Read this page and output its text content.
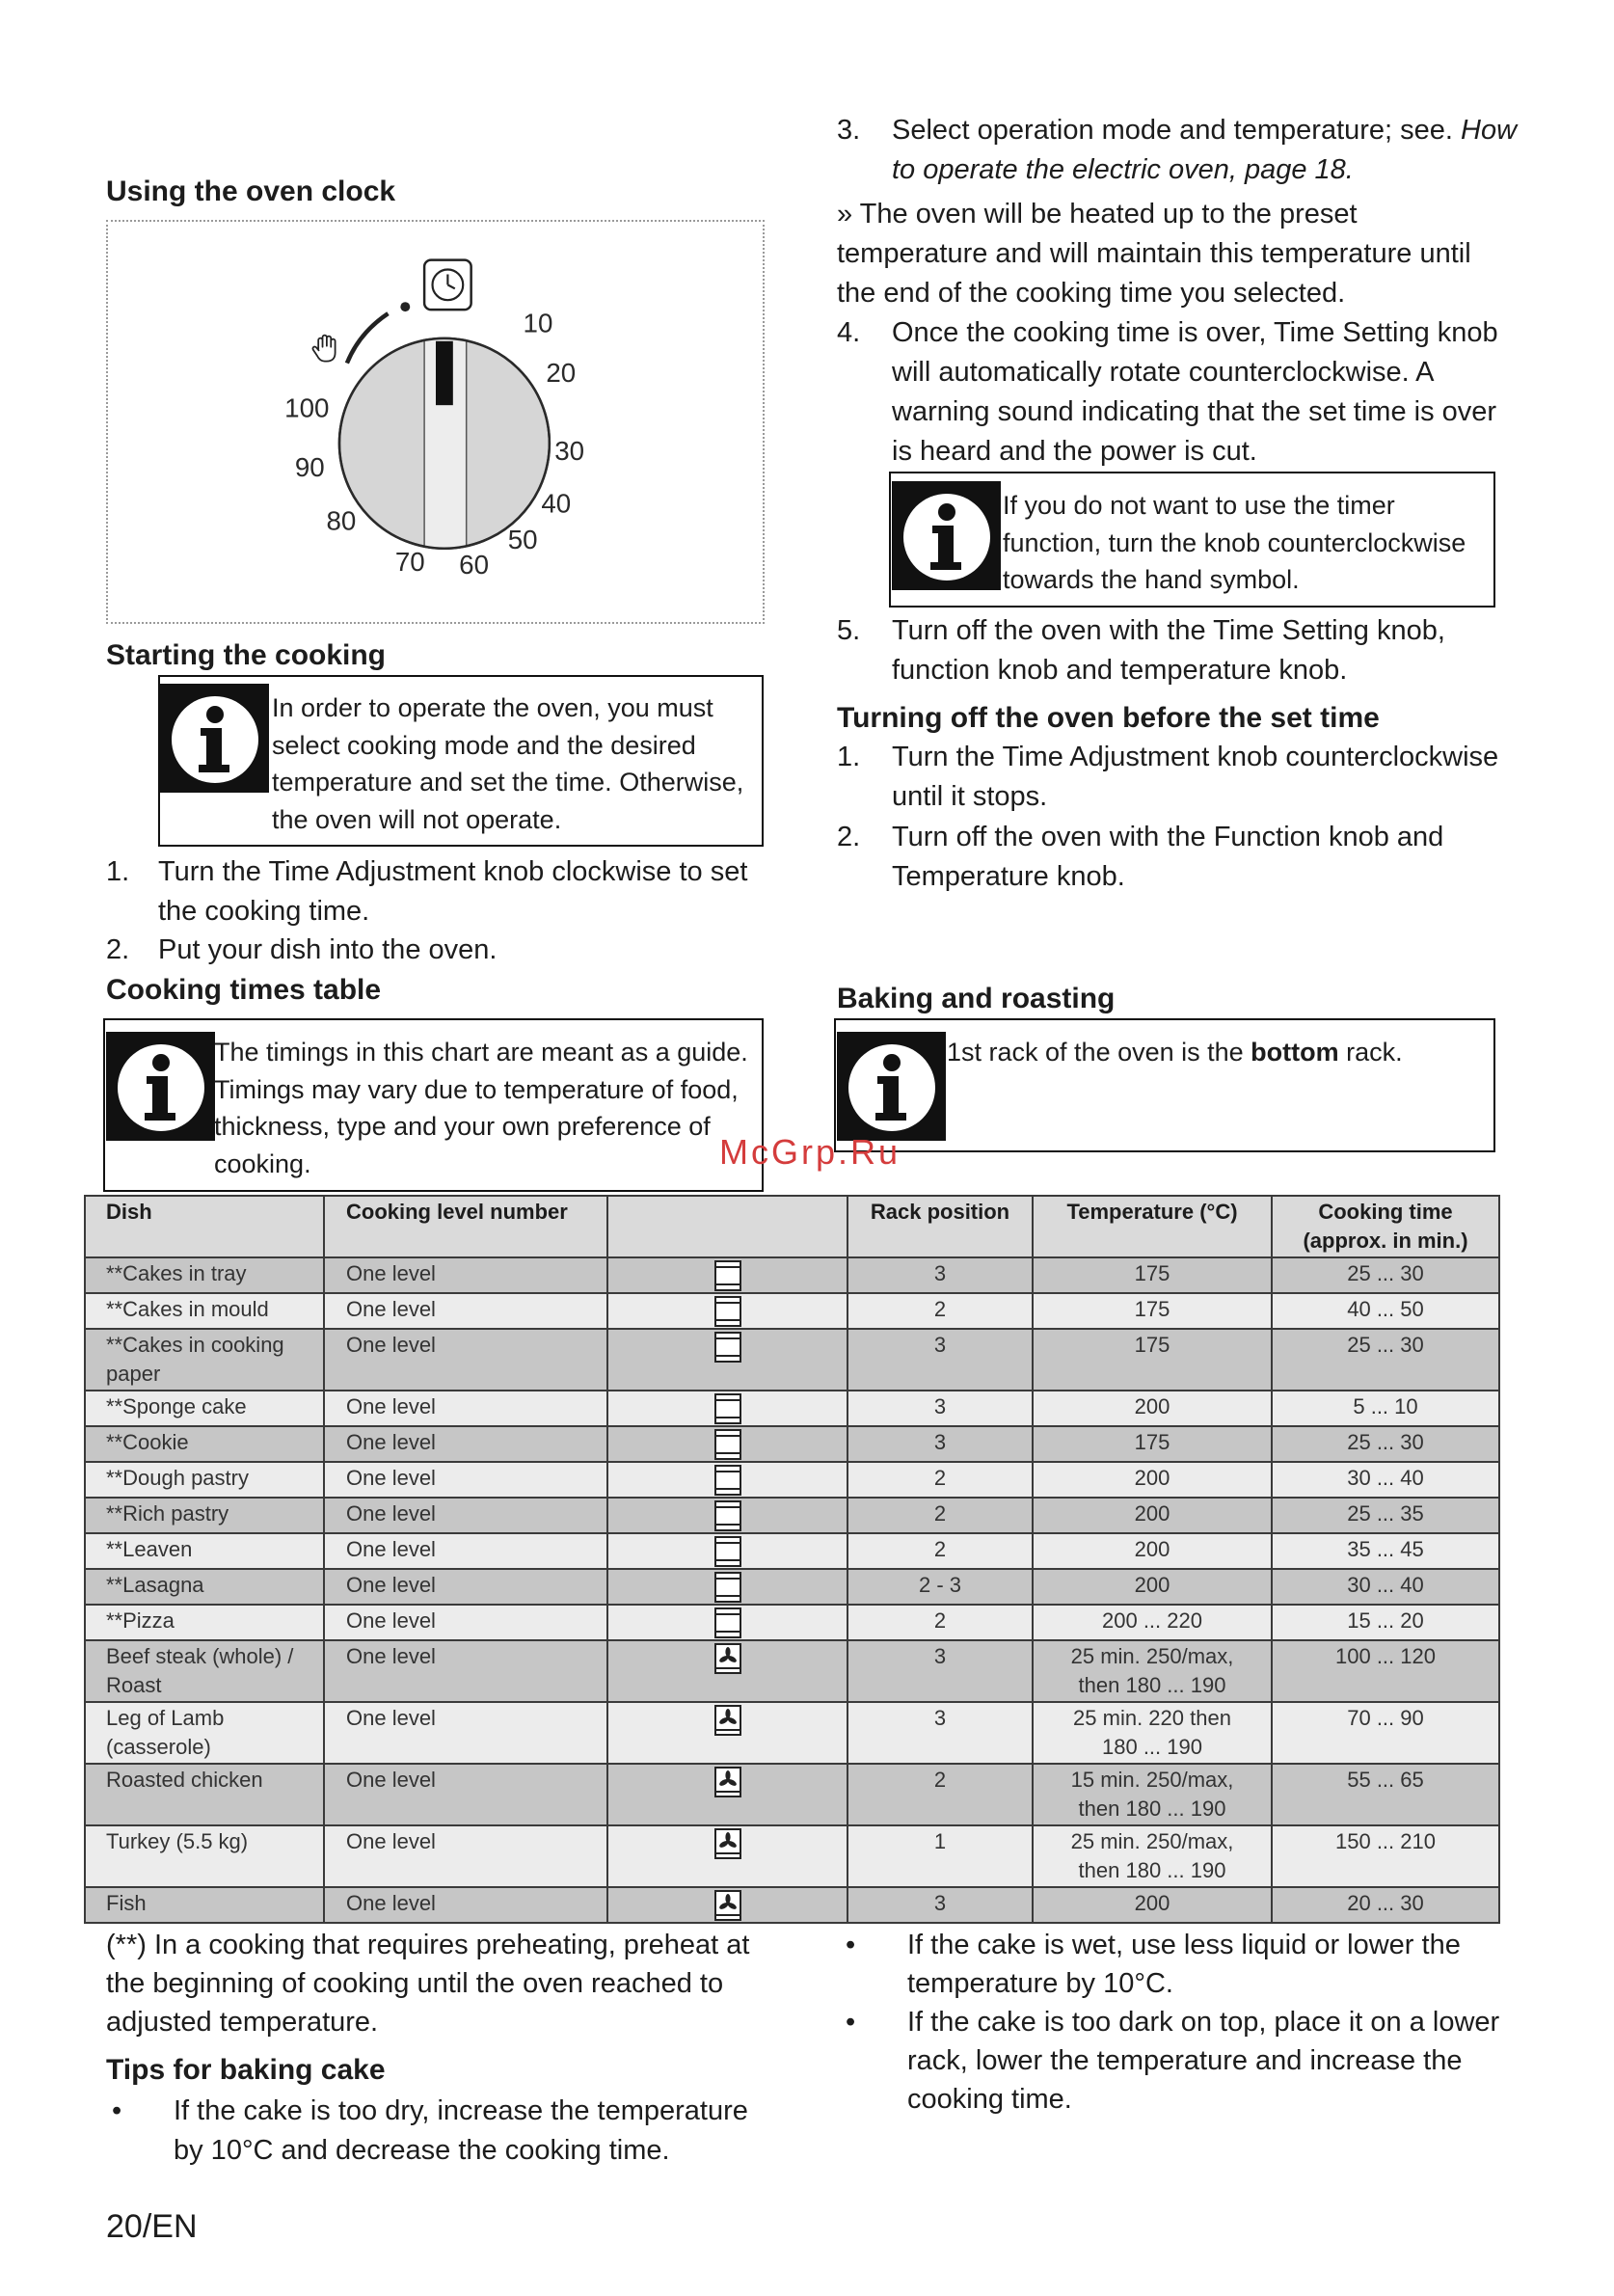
Using the oven clock
10
20
30
40
50
60
70
80
90
100
Starting the cooking
In order to operate the oven, you must
select cooking mode and the desired
temperature and set the time. Otherwise,
the oven will not operate.
1. Turn the Time Adjustment knob clockwise to set
the cooking time.
2. Put your dish into the oven.
Cooking times table
The timings in this chart are meant as a guide.
Timings may vary due to temperature of food,
thickness, type and your own preference of
cooking.
3. Select operation mode and temperature; see. How
to operate the electric oven, page 18.
» The oven will be heated up to the preset
temperature and will maintain this temperature until
the end of the cooking time you selected.
4. Once the cooking time is over, Time Setting knob
will automatically rotate counterclockwise. A
warning sound indicating that the set time is over
is heard and the power is cut.
If you do not want to use the timer
function, turn the knob counterclockwise
towards the hand symbol.
5. Turn off the oven with the Time Setting knob,
function knob and temperature knob.
Turning off the oven before the set time
1. Turn the Time Adjustment knob counterclockwise
until it stops.
2. Turn off the oven with the Function knob and
Temperature knob.
Baking and roasting
1st rack of the oven is the bottom rack.
McGrp.Ru
Dish	Cooking level number		Rack position	Temperature (°C)	Cooking time
(approx. in min.)
**Cakes in tray	One level		3	175	25 ... 30
**Cakes in mould	One level		2	175	40 ... 50
**Cakes in cooking
paper	One level		3	175	25 ... 30
**Sponge cake	One level		3	200	5 ... 10
**Cookie	One level		3	175	25 ... 30
**Dough pastry	One level		2	200	30 ... 40
**Rich pastry	One level		2	200	25 ... 35
**Leaven	One level		2	200	35 ... 45
**Lasagna	One level		2 - 3	200	30 ... 40
**Pizza	One level		2	200 ... 220	15 ... 20
Beef steak (whole) /
Roast	One level		3	25 min. 250/max,
then 180 ... 190	100 ... 120
Leg of Lamb
(casserole)	One level		3	25 min. 220 then
180 ... 190	70 ... 90
Roasted chicken	One level		2	15 min. 250/max,
then 180 ... 190	55 ... 65
Turkey (5.5 kg)	One level		1	25 min. 250/max,
then 180 ... 190	150 ... 210
Fish	One level		3	200	20 ... 30
(**) In a cooking that requires preheating, preheat at
the beginning of cooking until the oven reached to
adjusted temperature.
Tips for baking cake
• If the cake is too dry, increase the temperature
by 10°C and decrease the cooking time.
• If the cake is wet, use less liquid or lower the
temperature by 10°C.
• If the cake is too dark on top, place it on a lower
rack, lower the temperature and increase the
cooking time.
20/EN
